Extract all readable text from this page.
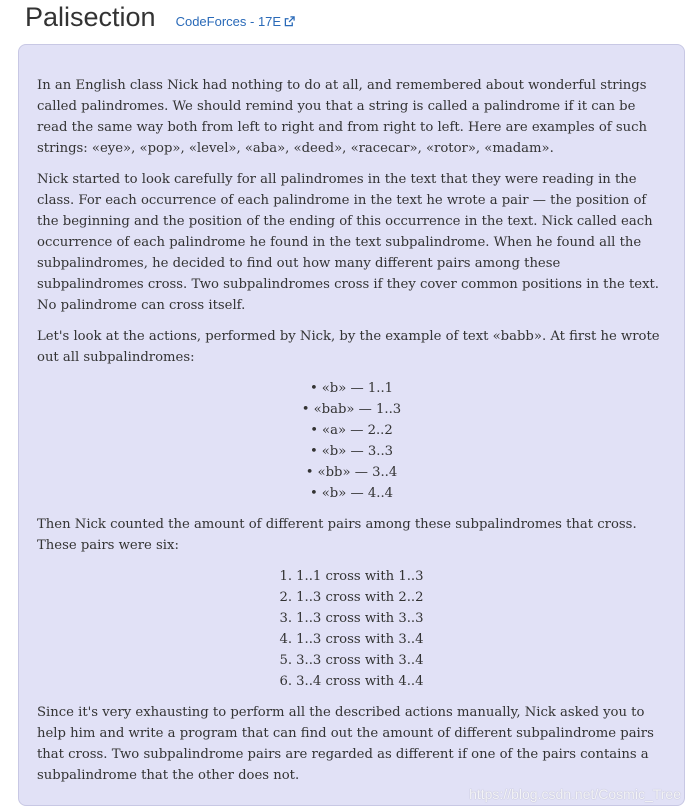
Palisection CodeForces - 17E

In an English class Nick had nothing to do at all, and remembered about wonderful strings called palindromes. We should remind you that a string is called a palindrome if it can be read the same way both from left to right and from right to left. Here are examples of such strings: «eye», «pop», «level», «aba», «deed», «racecar», «rotor», «madam».

Nick started to look carefully for all palindromes in the text that they were reading in the class. For each occurrence of each palindrome in the text he wrote a pair — the position of the beginning and the position of the ending of this occurrence in the text. Nick called each occurrence of each palindrome he found in the text subpalindrome. When he found all the subpalindromes, he decided to find out how many different pairs among these subpalindromes cross. Two subpalindromes cross if they cover common positions in the text. No palindrome can cross itself.

Let's look at the actions, performed by Nick, by the example of text «babb». At first he wrote out all subpalindromes:

• «b» — 1..1
• «bab» — 1..3
• «a» — 2..2
• «b» — 3..3
• «bb» — 3..4
• «b» — 4..4

Then Nick counted the amount of different pairs among these subpalindromes that cross. These pairs were six:

1. 1..1 cross with 1..3
2. 1..3 cross with 2..2
3. 1..3 cross with 3..3
4. 1..3 cross with 3..4
5. 3..3 cross with 3..4
6. 3..4 cross with 4..4

Since it's very exhausting to perform all the described actions manually, Nick asked you to help him and write a program that can find out the amount of different subpalindrome pairs that cross. Two subpalindrome pairs are regarded as different if one of the pairs contains a subpalindrome that the other does not.

https://blog.csdn.net/Cosmic_Tree
